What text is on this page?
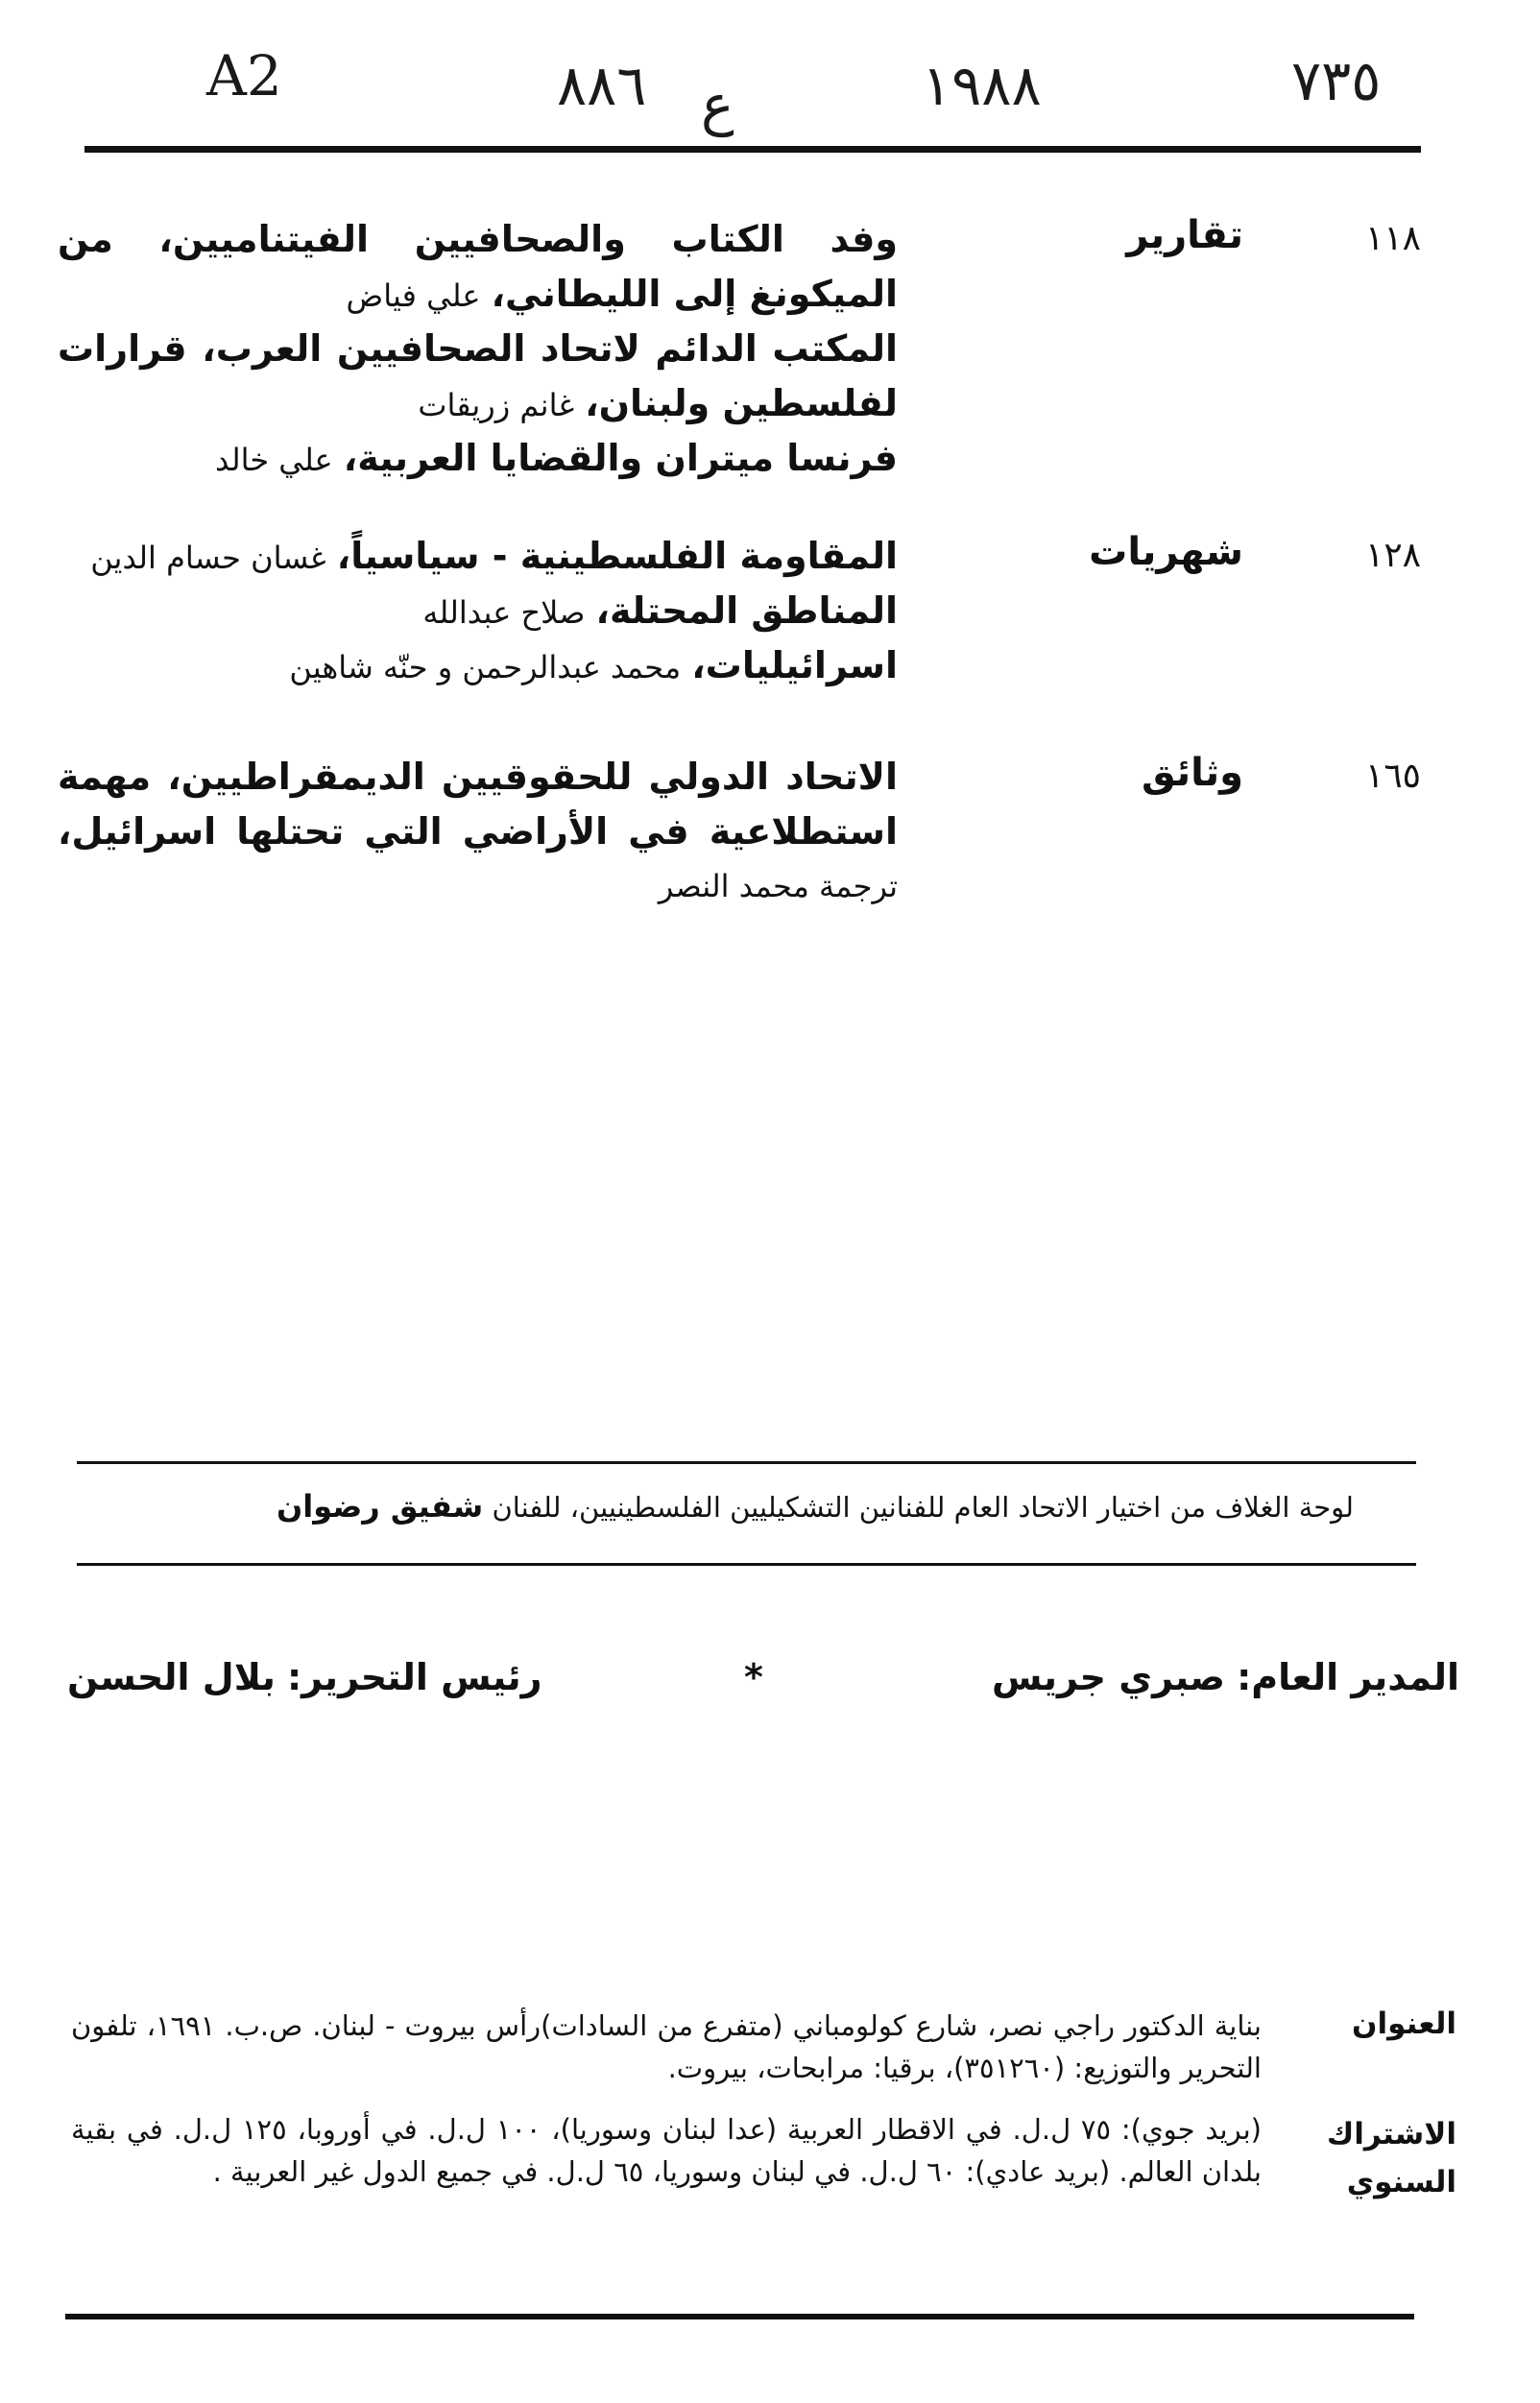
A2	٨٨٦ ع	١٩٨٨	٧٣٥
١١٨
تقارير
وفد الكتاب والصحافيين الفيتناميين، من الميكونغ إلى الليطاني، علي فياض
المكتب الدائم لاتحاد الصحافيين العرب، قرارات لفلسطين ولبنان، غانم زريقات
فرنسا ميتران والقضايا العربية، علي خالد
١٢٨
شهريات
المقاومة الفلسطينية - سياسياً، غسان حسام الدين
المناطق المحتلة، صلاح عبدالله
اسرائيليات، محمد عبدالرحمن و حنّه شاهين
١٦٥
وثائق
الاتحاد الدولي للحقوقيين الديمقراطيين، مهمة استطلاعية في الأراضي التي تحتلها اسرائيل، ترجمة محمد النصر
لوحة الغلاف من اختيار الاتحاد العام للفنانين التشكيليين الفلسطينيين، للفنان شفيق رضوان
المدير العام: صبري جريس
*
رئيس التحرير: بلال الحسن
العنوان
بناية الدكتور راجي نصر، شارع كولومباني (متفرع من السادات)رأس بيروت - لبنان. ص.ب. ١٦٩١، تلفون التحرير والتوزيع: (٣٥١٢٦٠)، برقيا: مرابحات، بيروت.
الاشتراك
السنوي
(بريد جوي): ٧٥ ل.ل. في الاقطار العربية (عدا لبنان وسوريا)، ١٠٠ ل.ل. في أوروبا، ١٢٥ ل.ل. في بقية بلدان العالم. (بريد عادي): ٦٠ ل.ل. في لبنان وسوريا، ٦٥ ل.ل. في جميع الدول غير العربية .
